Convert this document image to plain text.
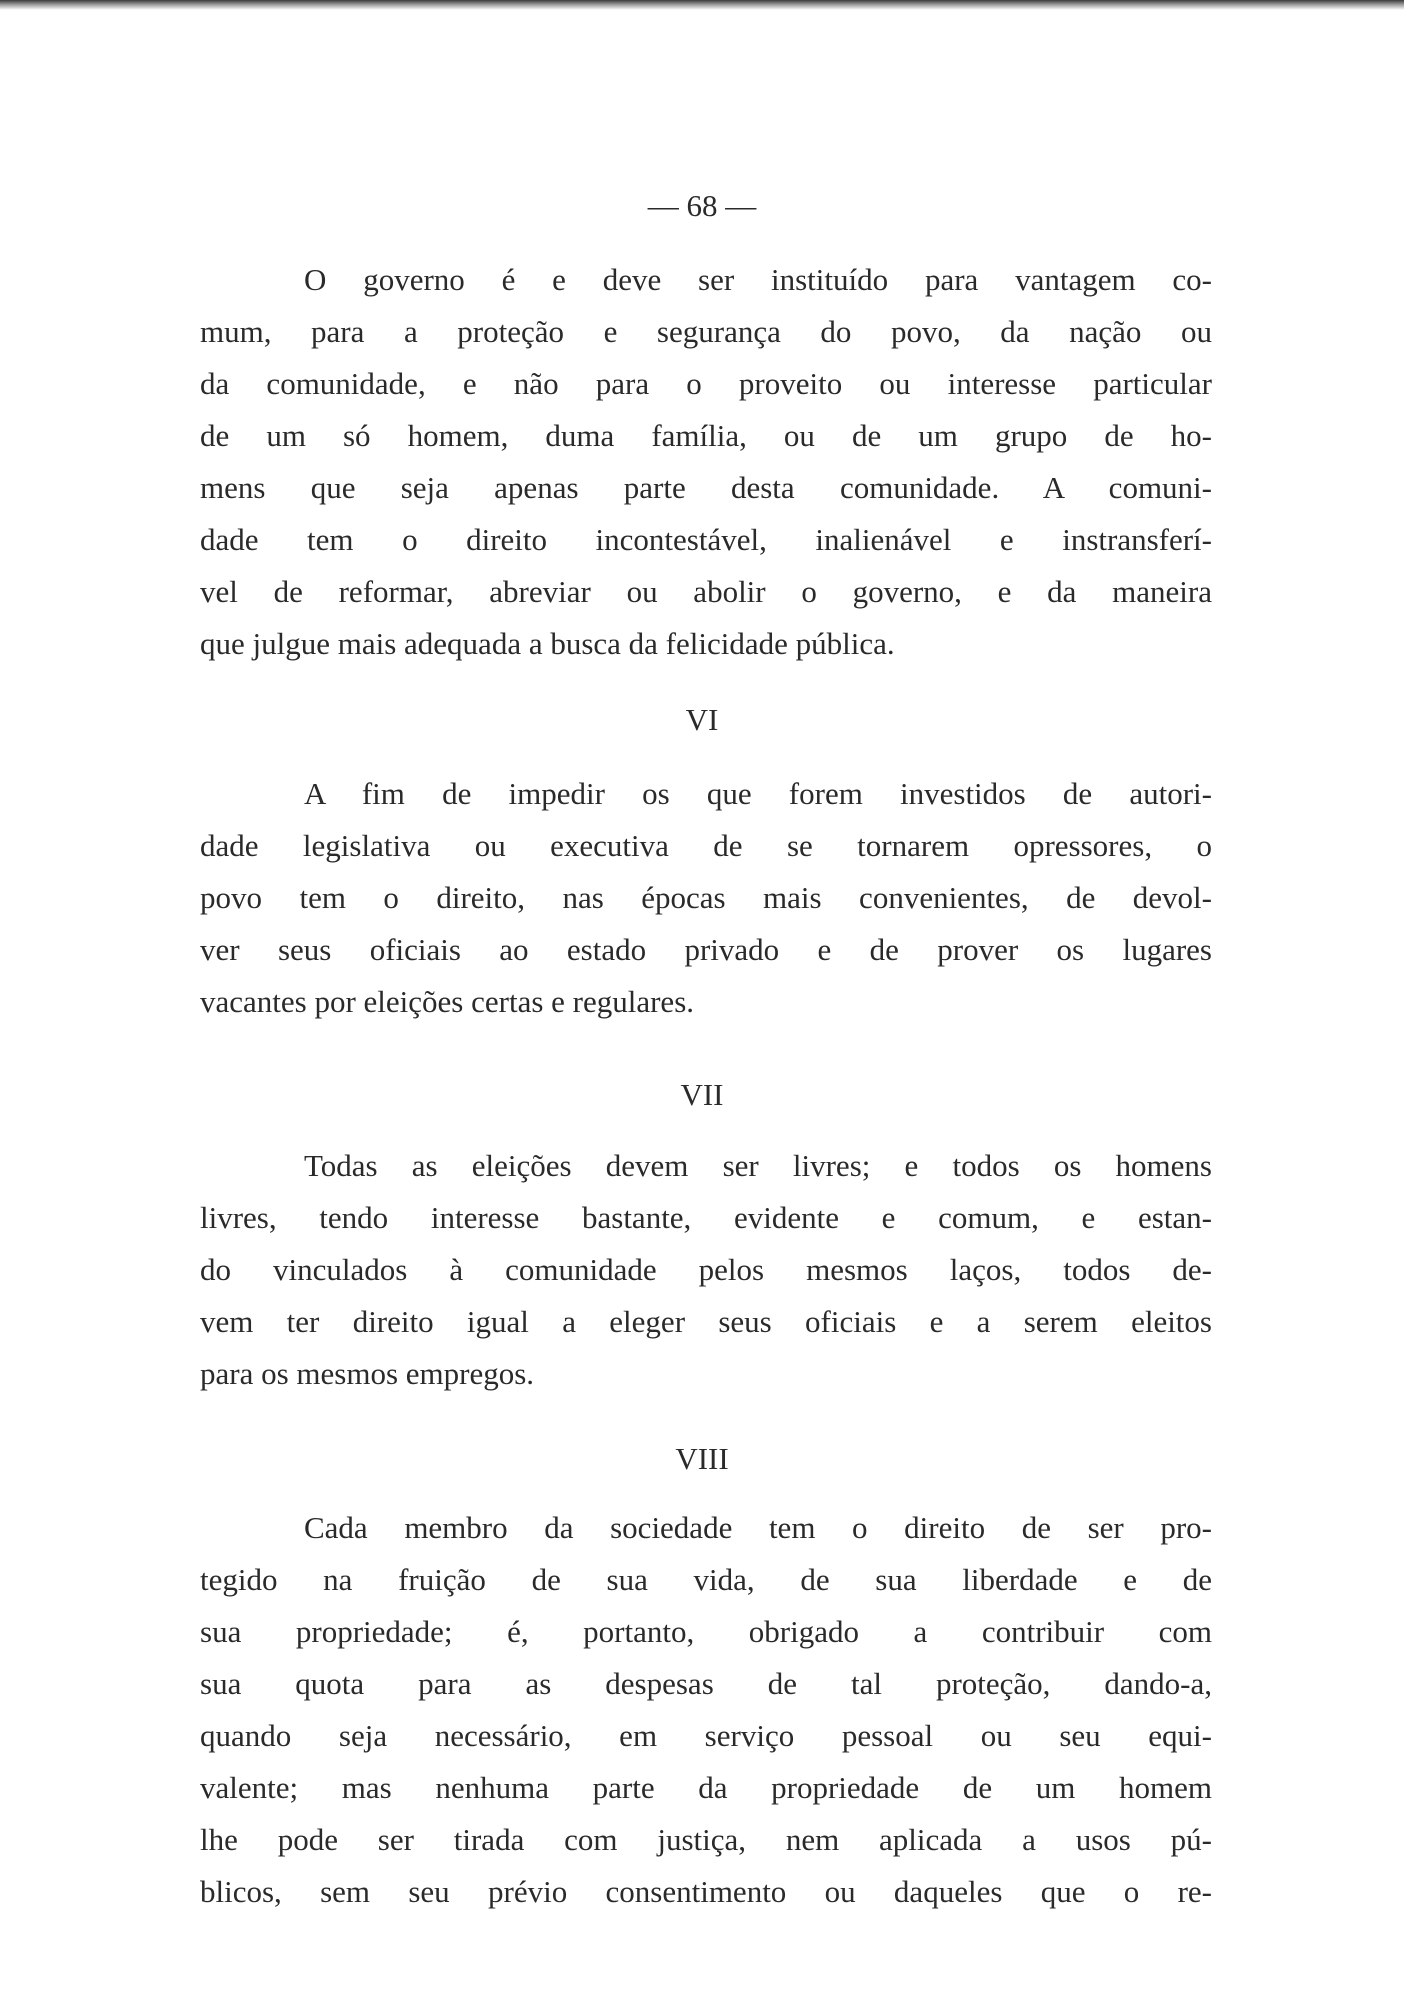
— 68 —
O governo é e deve ser instituído para vantagem co-
mum, para a proteção e segurança do povo, da nação ou
da comunidade, e não para o proveito ou interesse particular
de um só homem, duma família, ou de um grupo de ho-
mens que seja apenas parte desta comunidade. A comuni-
dade tem o direito incontestável, inalienável e instransferí-
vel de reformar, abreviar ou abolir o governo, e da maneira
que julgue mais adequada a busca da felicidade pública.
VI
A fim de impedir os que forem investidos de autori-
dade legislativa ou executiva de se tornarem opressores, o
povo tem o direito, nas épocas mais convenientes, de devol-
ver seus oficiais ao estado privado e de prover os lugares
vacantes por eleições certas e regulares.
VII
Todas as eleições devem ser livres; e todos os homens
livres, tendo interesse bastante, evidente e comum, e estan-
do vinculados à comunidade pelos mesmos laços, todos de-
vem ter direito igual a eleger seus oficiais e a serem eleitos
para os mesmos empregos.
VIII
Cada membro da sociedade tem o direito de ser pro-
tegido na fruição de sua vida, de sua liberdade e de
sua propriedade; é, portanto, obrigado a contribuir com
sua quota para as despesas de tal proteção, dando-a,
quando seja necessário, em serviço pessoal ou seu equi-
valente; mas nenhuma parte da propriedade de um homem
lhe pode ser tirada com justiça, nem aplicada a usos pú-
blicos, sem seu prévio consentimento ou daqueles que o re-
